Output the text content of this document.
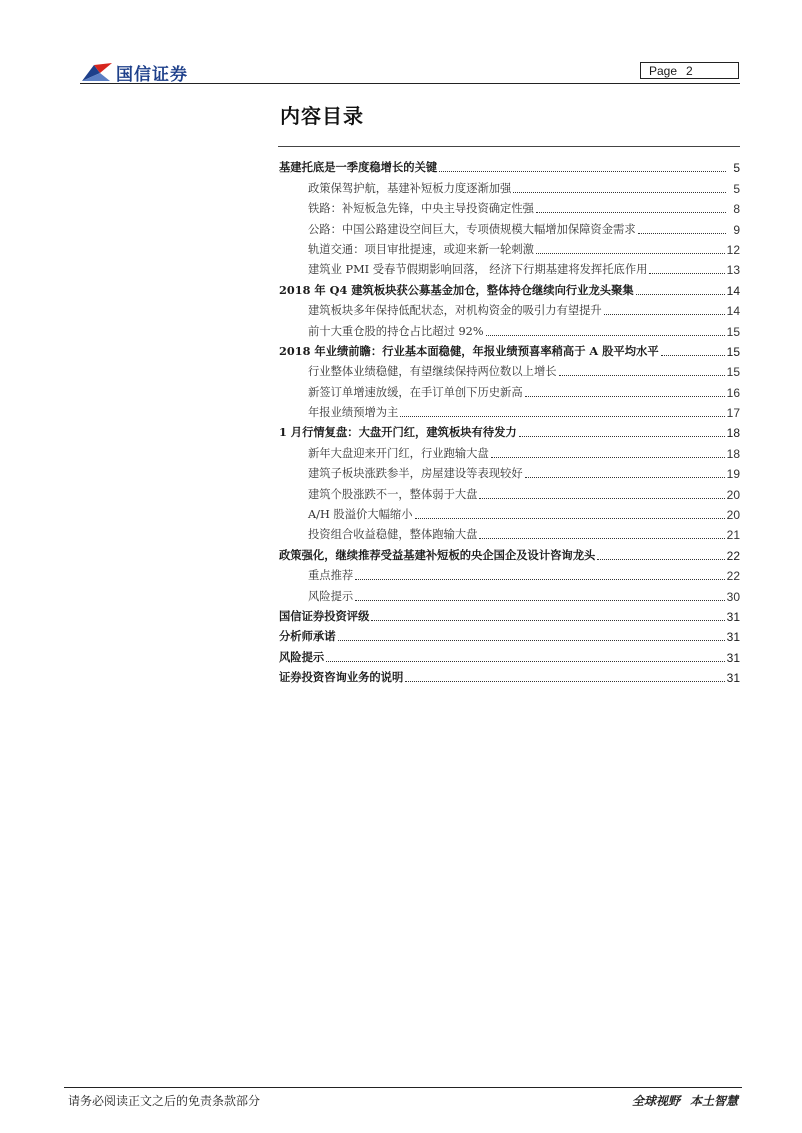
国信证券	Page 2
内容目录
基建托底是一季度稳增长的关键	5
政策保驾护航，基建补短板力度逐渐加强	5
铁路：补短板急先锋，中央主导投资确定性强	8
公路：中国公路建设空间巨大，专项债规模大幅增加保障资金需求	9
轨道交通：项目审批提速，或迎来新一轮刺激	12
建筑业 PMI 受春节假期影响回落， 经济下行期基建将发挥托底作用	13
2018 年 Q4 建筑板块获公募基金加仓，整体持仓继续向行业龙头聚集	14
建筑板块多年保持低配状态，对机构资金的吸引力有望提升	14
前十大重仓股的持仓占比超过 92%	15
2018 年业绩前瞻：行业基本面稳健，年报业绩预喜率稍高于 A 股平均水平	15
行业整体业绩稳健，有望继续保持两位数以上增长	15
新签订单增速放缓，在手订单创下历史新高	16
年报业绩预增为主	17
1 月行情复盘：大盘开门红，建筑板块有待发力	18
新年大盘迎来开门红，行业跑输大盘	18
建筑子板块涨跌参半，房屋建设等表现较好	19
建筑个股涨跌不一，整体弱于大盘	20
A/H 股溢价大幅缩小	20
投资组合收益稳健，整体跑输大盘	21
政策强化，继续推荐受益基建补短板的央企国企及设计咨询龙头	22
重点推荐	22
风险提示	30
国信证券投资评级	31
分析师承诺	31
风险提示	31
证券投资咨询业务的说明	31
请务必阅读正文之后的免责条款部分	全球视野 本土智慧
